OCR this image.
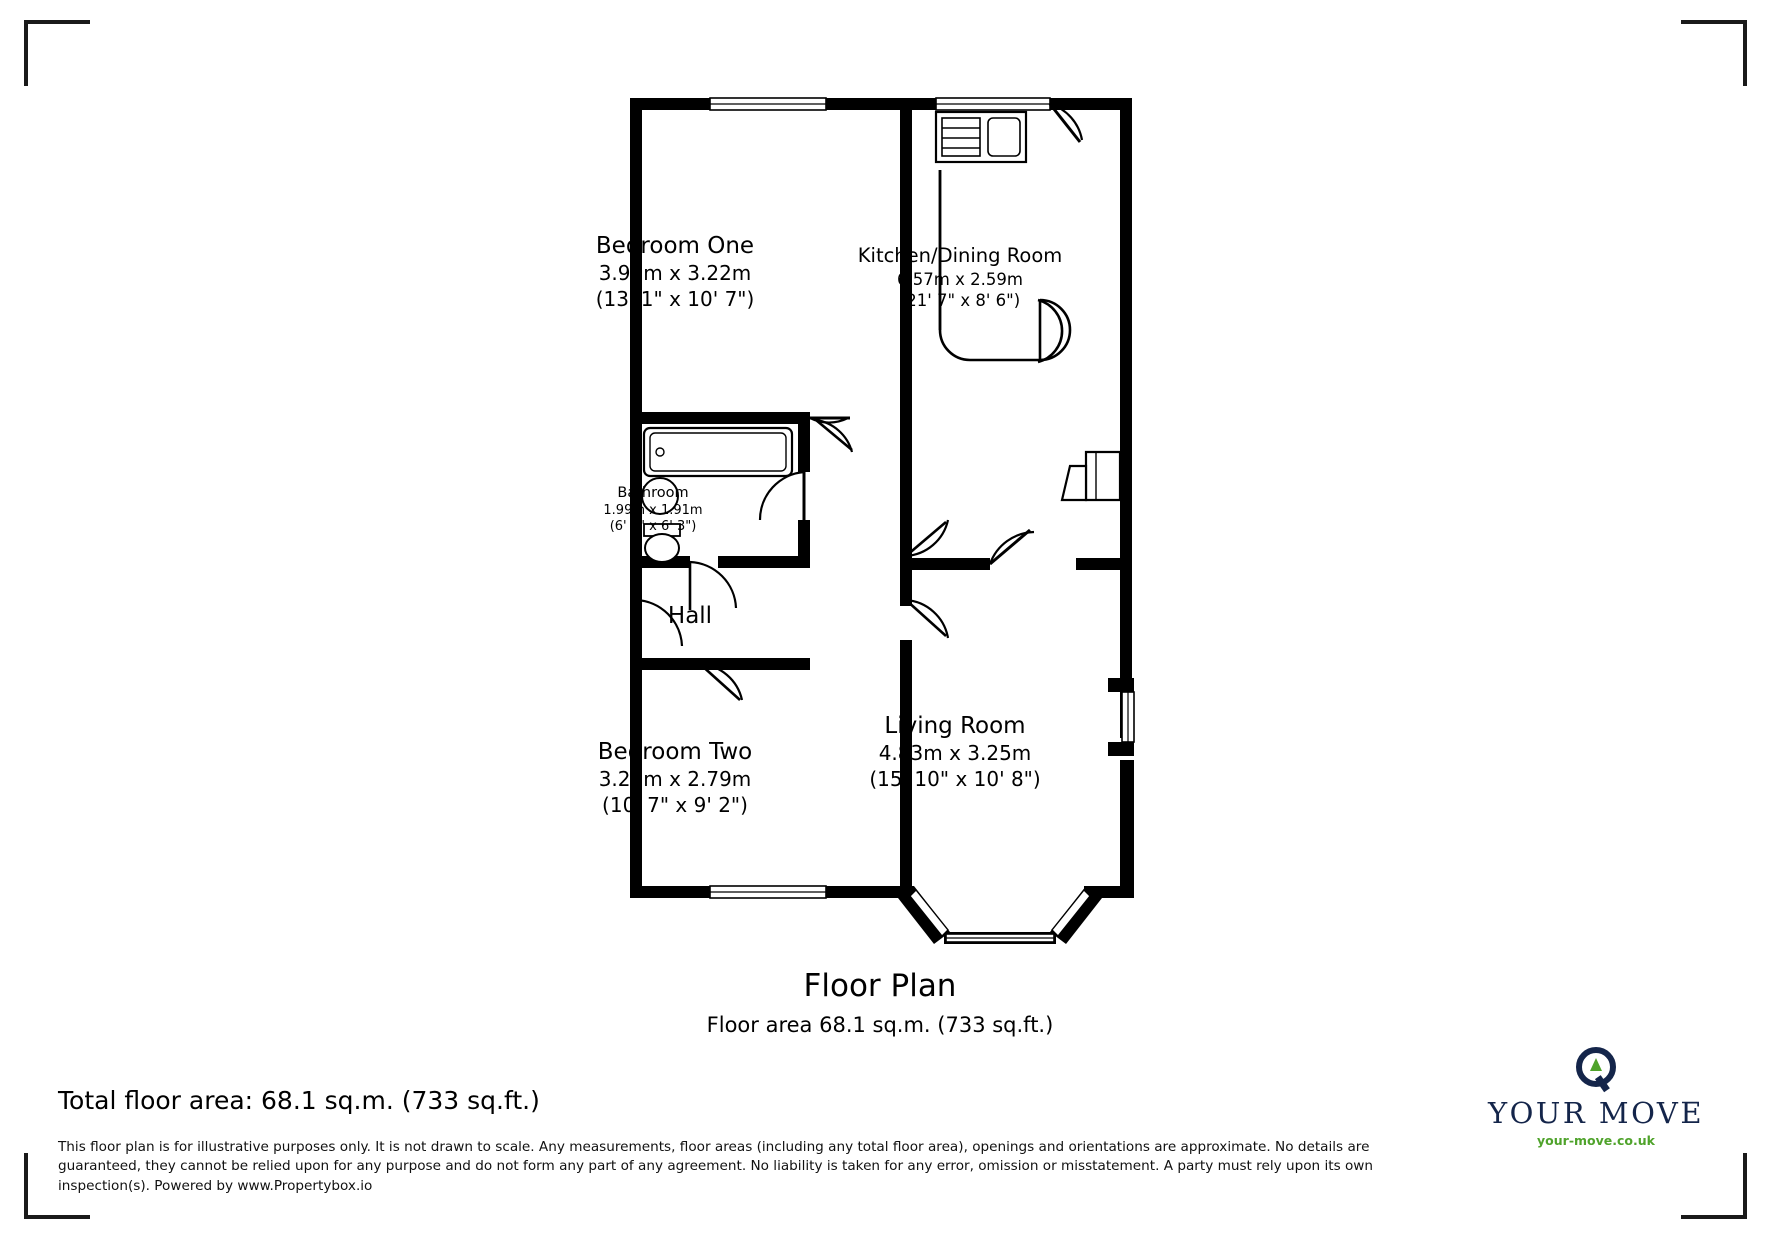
Bedroom One
3.99m x 3.22m
(13' 1" x 10' 7")
Kitchen/Dining Room
6.57m x 2.59m
(21' 7" x 8' 6")
Bathroom
1.99m x 1.91m
(6' 6" x 6' 3")
Hall
Bedroom Two
3.22m x 2.79m
(10' 7" x 9' 2")
Living Room
4.83m x 3.25m
(15' 10" x 10' 8")
Floor Plan
Floor area 68.1 sq.m. (733 sq.ft.)
Total floor area: 68.1 sq.m. (733 sq.ft.)
This floor plan is for illustrative purposes only. It is not drawn to scale. Any measurements, floor areas (including any total floor area), openings and orientations are approximate. No details are guaranteed, they cannot be relied upon for any purpose and do not form any part of any agreement. No liability is taken for any error, omission or misstatement. A party must rely upon its own inspection(s). Powered by www.Propertybox.io
YOUR MOVE
your-move.co.uk
